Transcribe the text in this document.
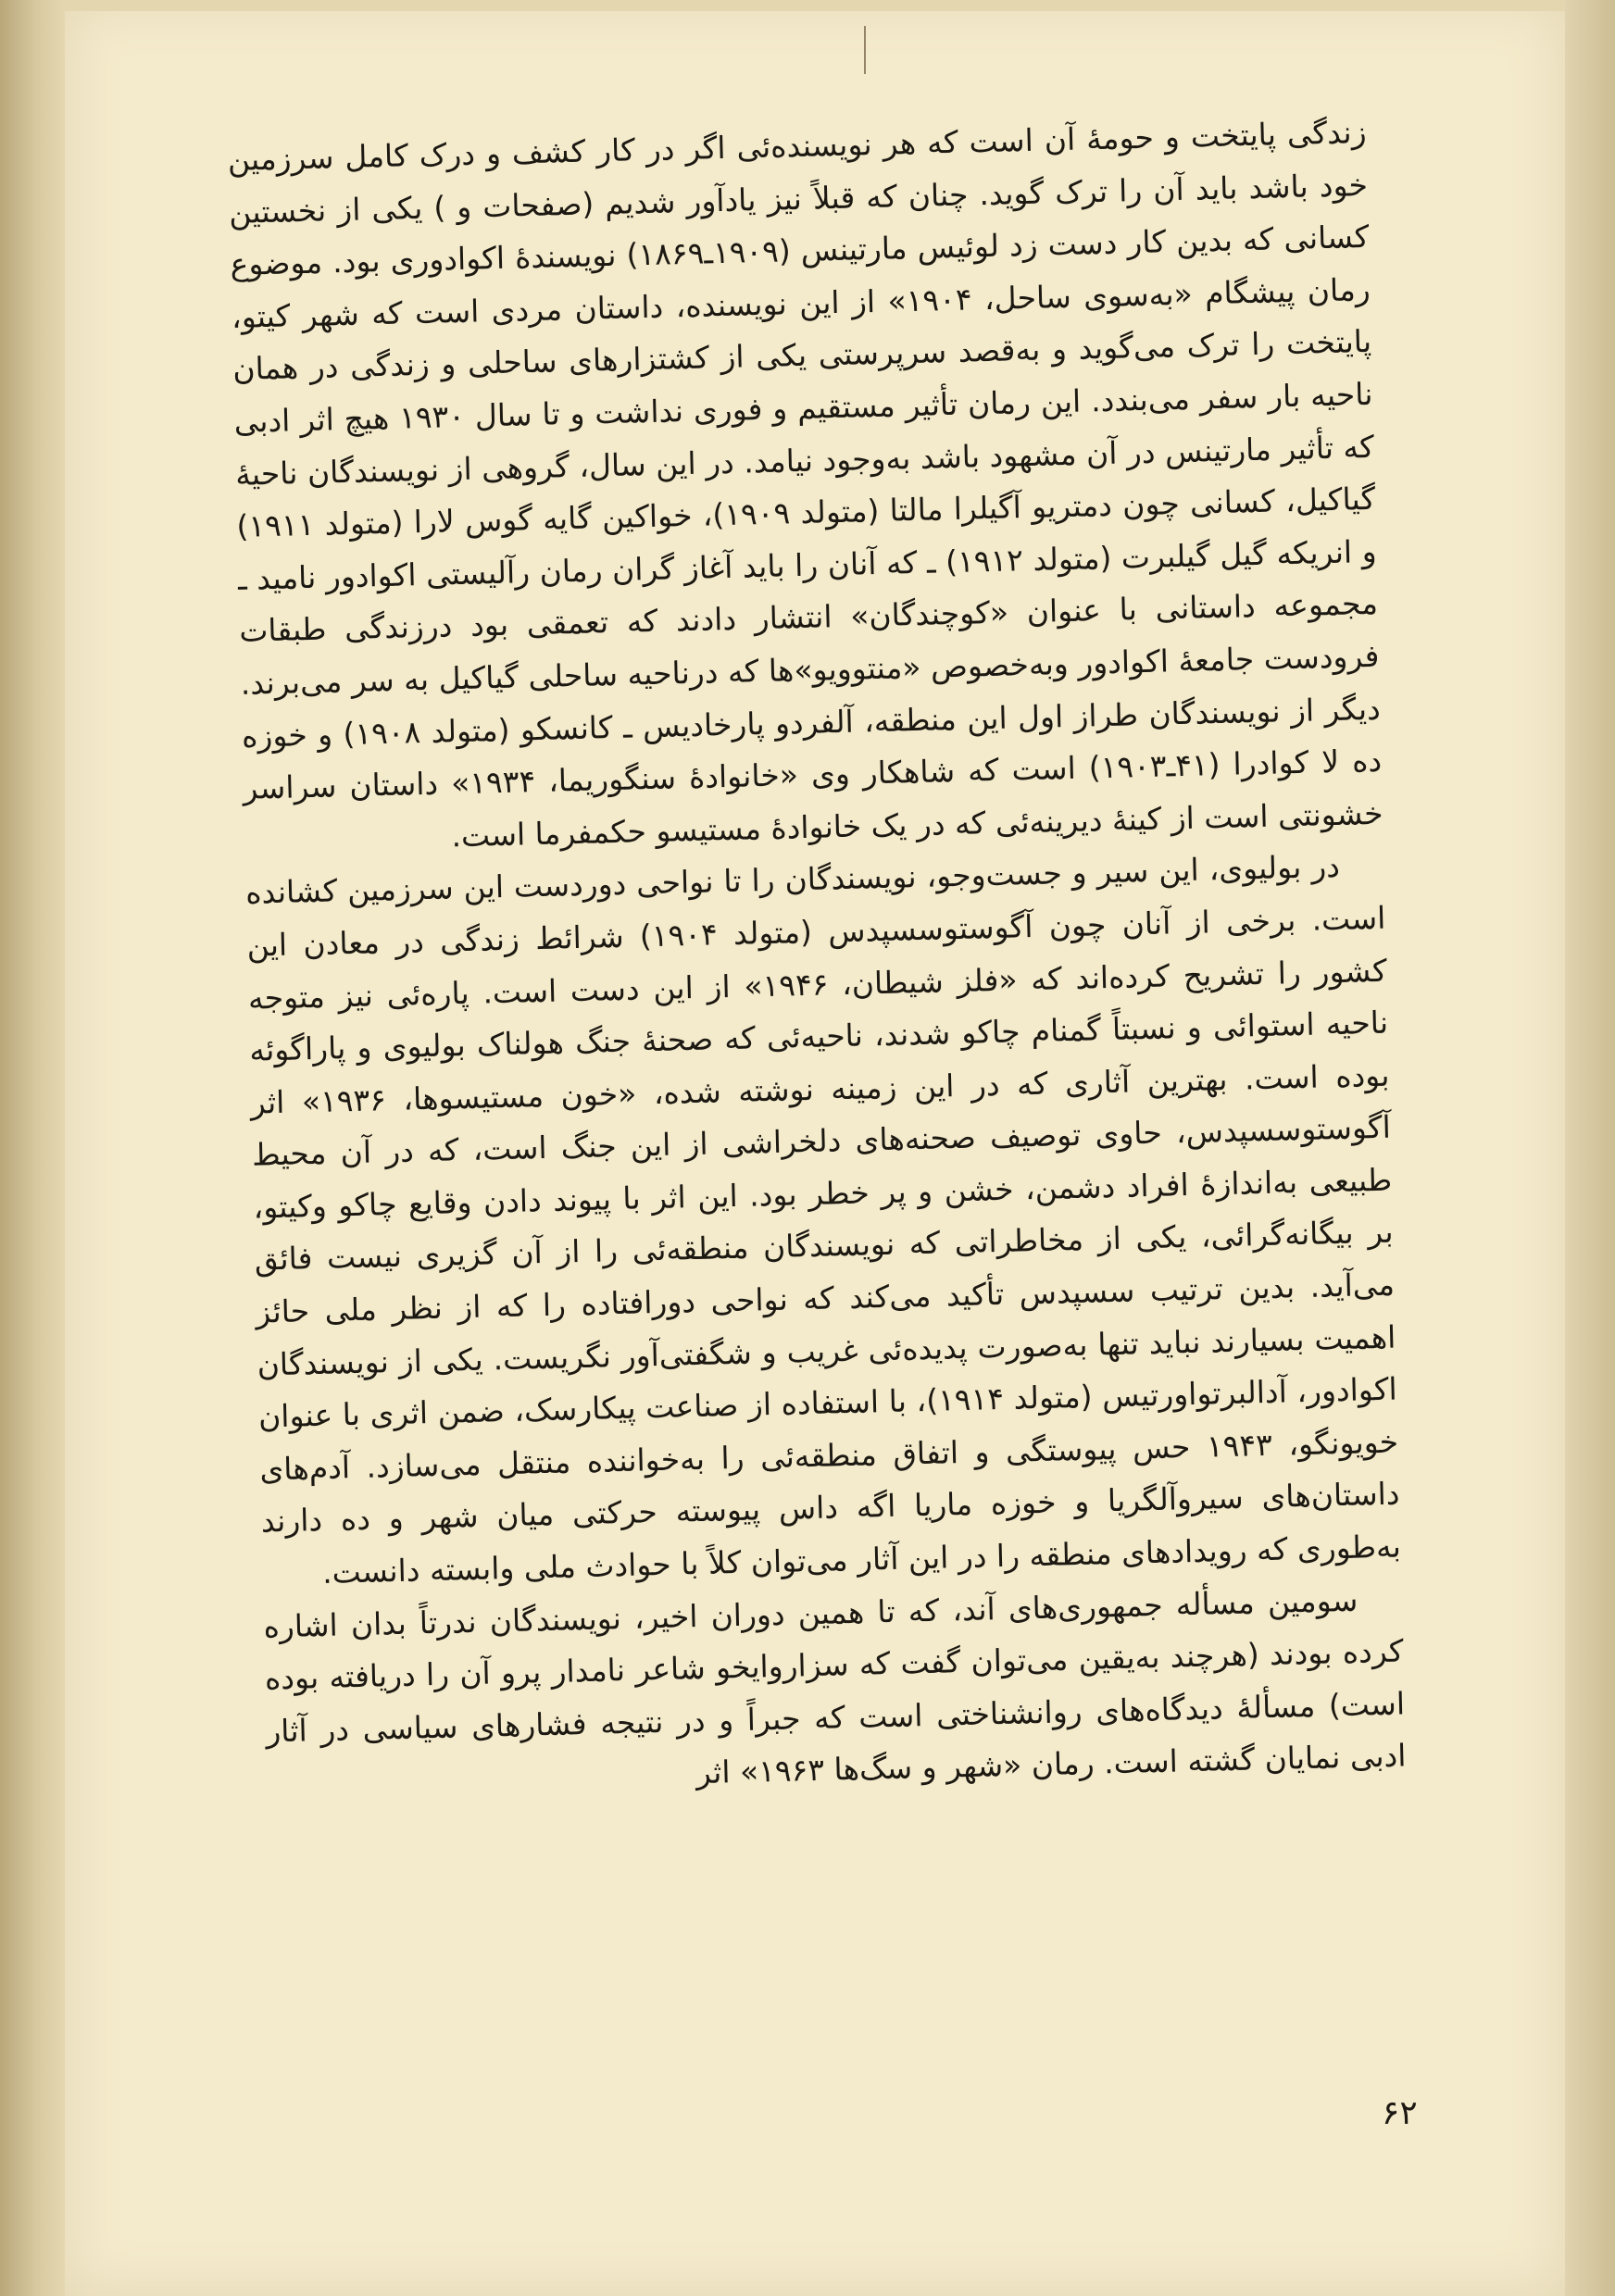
زندگی پایتخت و حومهٔ آن است که هر نویسنده‌ئی اگر در کار کشف و درک کامل سرزمین خود باشد باید آن را ترک گوید. چنان که قبلاً نیز یادآور شدیم (صفحات و ) یکی از نخستین کسانی که بدین کار دست زد لوئیس مارتینس (۱۹۰۹ـ۱۸۶۹) نویسندهٔ اکوادوری بود. موضوع رمان پیشگام «به‌سوی ساحل، ۱۹۰۴» از این نویسنده، داستان مردی است که شهر کیتو، پایتخت را ترک می‌گوید و به‌قصد سرپرستی یکی از کشتزارهای ساحلی و زندگی در همان ناحیه بار سفر می‌بندد. این رمان تأثیر مستقیم و فوری نداشت و تا سال ۱۹۳۰ هیچ اثر ادبی که تأثیر مارتینس در آن مشهود باشد به‌وجود نیامد. در این سال، گروهی از نویسندگان ناحیهٔ گیاکیل، کسانی چون دمتریو آگیلرا مالتا (متولد ۱۹۰۹)، خواکین گایه گوس لارا (متولد ۱۹۱۱) و انریکه گیل گیلبرت (متولد ۱۹۱۲) ـ که آنان را باید آغاز گران رمان رآلیستی اکوادور نامید ـ مجموعه داستانی با عنوان «کوچندگان» انتشار دادند که تعمقی بود درزندگی طبقات فرودست جامعهٔ اکوادور وبه‌خصوص «منتوویو»ها که درناحیه ساحلی گیاکیل به سر می‌برند. دیگر از نویسندگان طراز اول این منطقه، آلفردو پارخادیس ـ کانسکو (متولد ۱۹۰۸) و خوزه ده لا کوادرا (۴۱ـ۱۹۰۳) است که شاهکار وی «خانوادهٔ سنگوریما، ۱۹۳۴» داستان سراسر خشونتی است از کینهٔ دیرینه‌ئی که در یک خانوادهٔ مستیسو حکمفرما است.

در بولیوی، این سیر و جست‌وجو، نویسندگان را تا نواحی دوردست این سرزمین کشانده است. برخی از آنان چون آگوستوسسپدس (متولد ۱۹۰۴) شرائط زندگی در معادن این کشور را تشریح کرده‌اند که «فلز شیطان، ۱۹۴۶» از این دست است. پاره‌ئی نیز متوجه ناحیه استوائی و نسبتاً گمنام چاکو شدند، ناحیه‌ئی که صحنهٔ جنگ هولناک بولیوی و پاراگوئه بوده است. بهترین آثاری که در این زمینه نوشته شده، «خون مستیسوها، ۱۹۳۶» اثر آگوستوسسپدس، حاوی توصیف صحنه‌های دلخراشی از این جنگ است، که در آن محیط طبیعی به‌اندازهٔ افراد دشمن، خشن و پر خطر بود. این اثر با پیوند دادن وقایع چاکو وکیتو، بر بیگانه‌گرائی، یکی از مخاطراتی که نویسندگان منطقه‌ئی را از آن گزیری نیست فائق می‌آید. بدین ترتیب سسپدس تأکید می‌کند که نواحی دورافتاده را که از نظر ملی حائز اهمیت بسیارند نباید تنها به‌صورت پدیده‌ئی غریب و شگفتی‌آور نگریست. یکی از نویسندگان اکوادور، آدالبرتواورتیس (متولد ۱۹۱۴)، با استفاده از صناعت پیکارسک، ضمن اثری با عنوان خویونگو، ۱۹۴۳ حس پیوستگی و اتفاق منطقه‌ئی را به‌خواننده منتقل می‌سازد. آدم‌های داستان‌های سیروآلگریا و خوزه ماریا اگه داس پیوسته حرکتی میان شهر و ده دارند به‌طوری که رویدادهای منطقه را در این آثار می‌توان کلاً با حوادث ملی وابسته دانست.

سومین مسأله جمهوری‌های آند، که تا همین دوران اخیر، نویسندگان ندرتاً بدان اشاره کرده بودند (هرچند به‌یقین می‌توان گفت که سزاروایخو شاعر نامدار پرو آن را دریافته بوده است) مسألهٔ دیدگاه‌های روانشناختی است که جبراً و در نتیجه فشارهای سیاسی در آثار ادبی نمایان گشته است. رمان «شهر و سگ‌ها ۱۹۶۳» اثر

۶۲
